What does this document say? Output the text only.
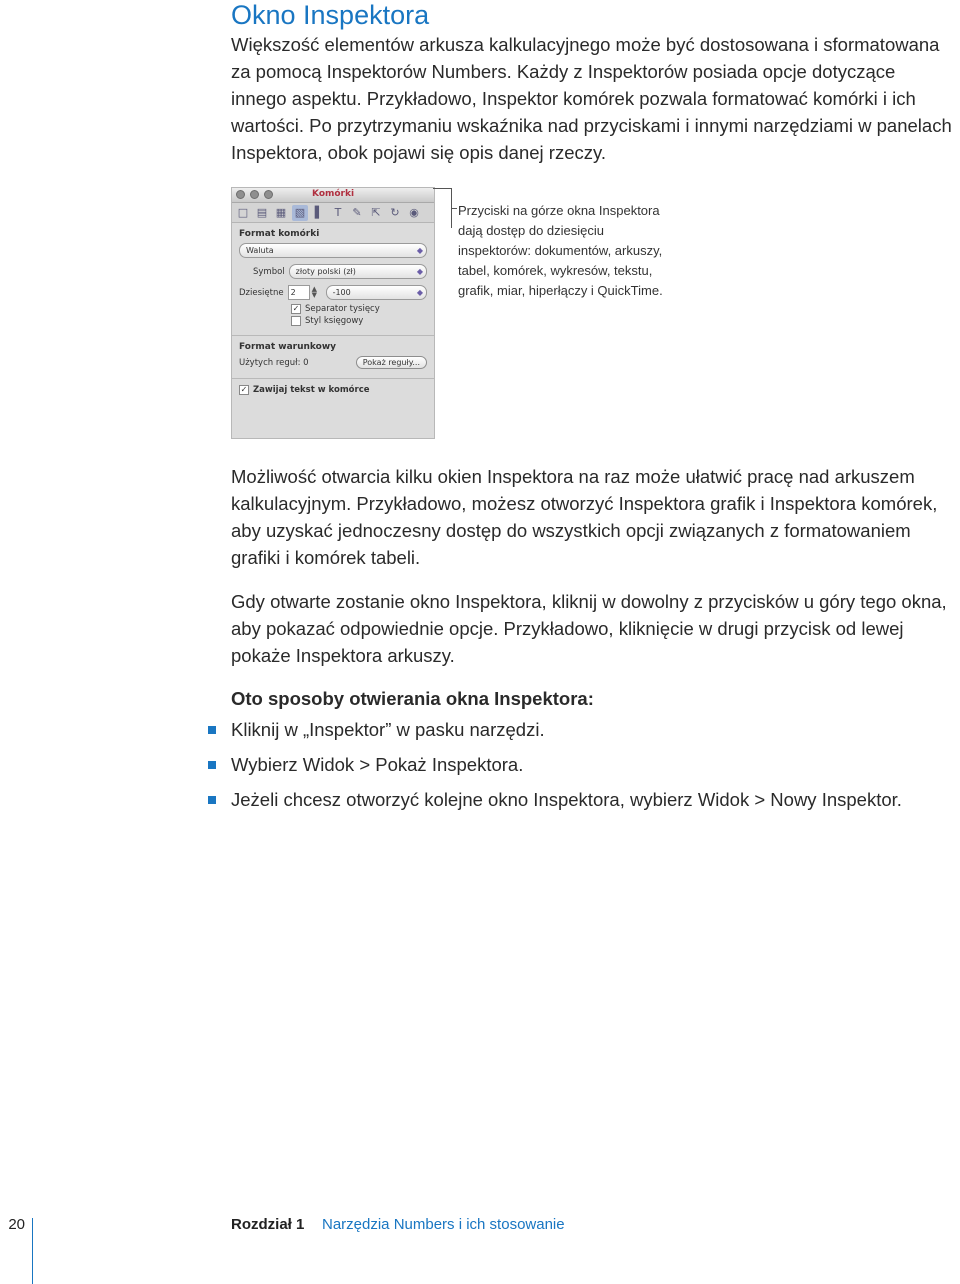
Okno Inspektora

Większość elementów arkusza kalkulacyjnego może być dostosowana i sformatowana za pomocą Inspektorów Numbers. Każdy z Inspektorów posiada opcje dotyczące innego aspektu. Przykładowo, Inspektor komórek pozwala formatować komórki i ich wartości. Po przytrzymaniu wskaźnika nad przyciskami i innymi narzędziami w panelach Inspektora, obok pojawi się opis danej rzeczy.

Komórki
□ ▤ ▦ ▧ ▌	T	✎ ⇱ ↻ ◉
Format komórki
Waluta ◆
Symbol	złoty polski (zł) ◆
Dziesiętne 2	▲
▼	-100 ◆
✓ Separator tysięcy
Styl księgowy
Format warunkowy
Użytych reguł: 0	Pokaż reguły...
✓ Zawijaj tekst w komórce

Przyciski na górze okna Inspektora dają dostęp do dziesięciu inspektorów: dokumentów, arkuszy, tabel, komórek, wykresów, tekstu, grafik, miar, hiperłączy i QuickTime.

Możliwość otwarcia kilku okien Inspektora na raz może ułatwić pracę nad arkuszem kalkulacyjnym. Przykładowo, możesz otworzyć Inspektora grafik i Inspektora komórek, aby uzyskać jednoczesny dostęp do wszystkich opcji związanych z formatowaniem grafiki i komórek tabeli.

Gdy otwarte zostanie okno Inspektora, kliknij w dowolny z przycisków u góry tego okna, aby pokazać odpowiednie opcje. Przykładowo, kliknięcie w drugi przycisk od lewej pokaże Inspektora arkuszy.

Oto sposoby otwierania okna Inspektora:

Kliknij w „Inspektor” w pasku narzędzi.
Wybierz Widok > Pokaż Inspektora.
Jeżeli chcesz otworzyć kolejne okno Inspektora, wybierz Widok > Nowy Inspektor.
20	Rozdział 1 Narzędzia Numbers i ich stosowanie
